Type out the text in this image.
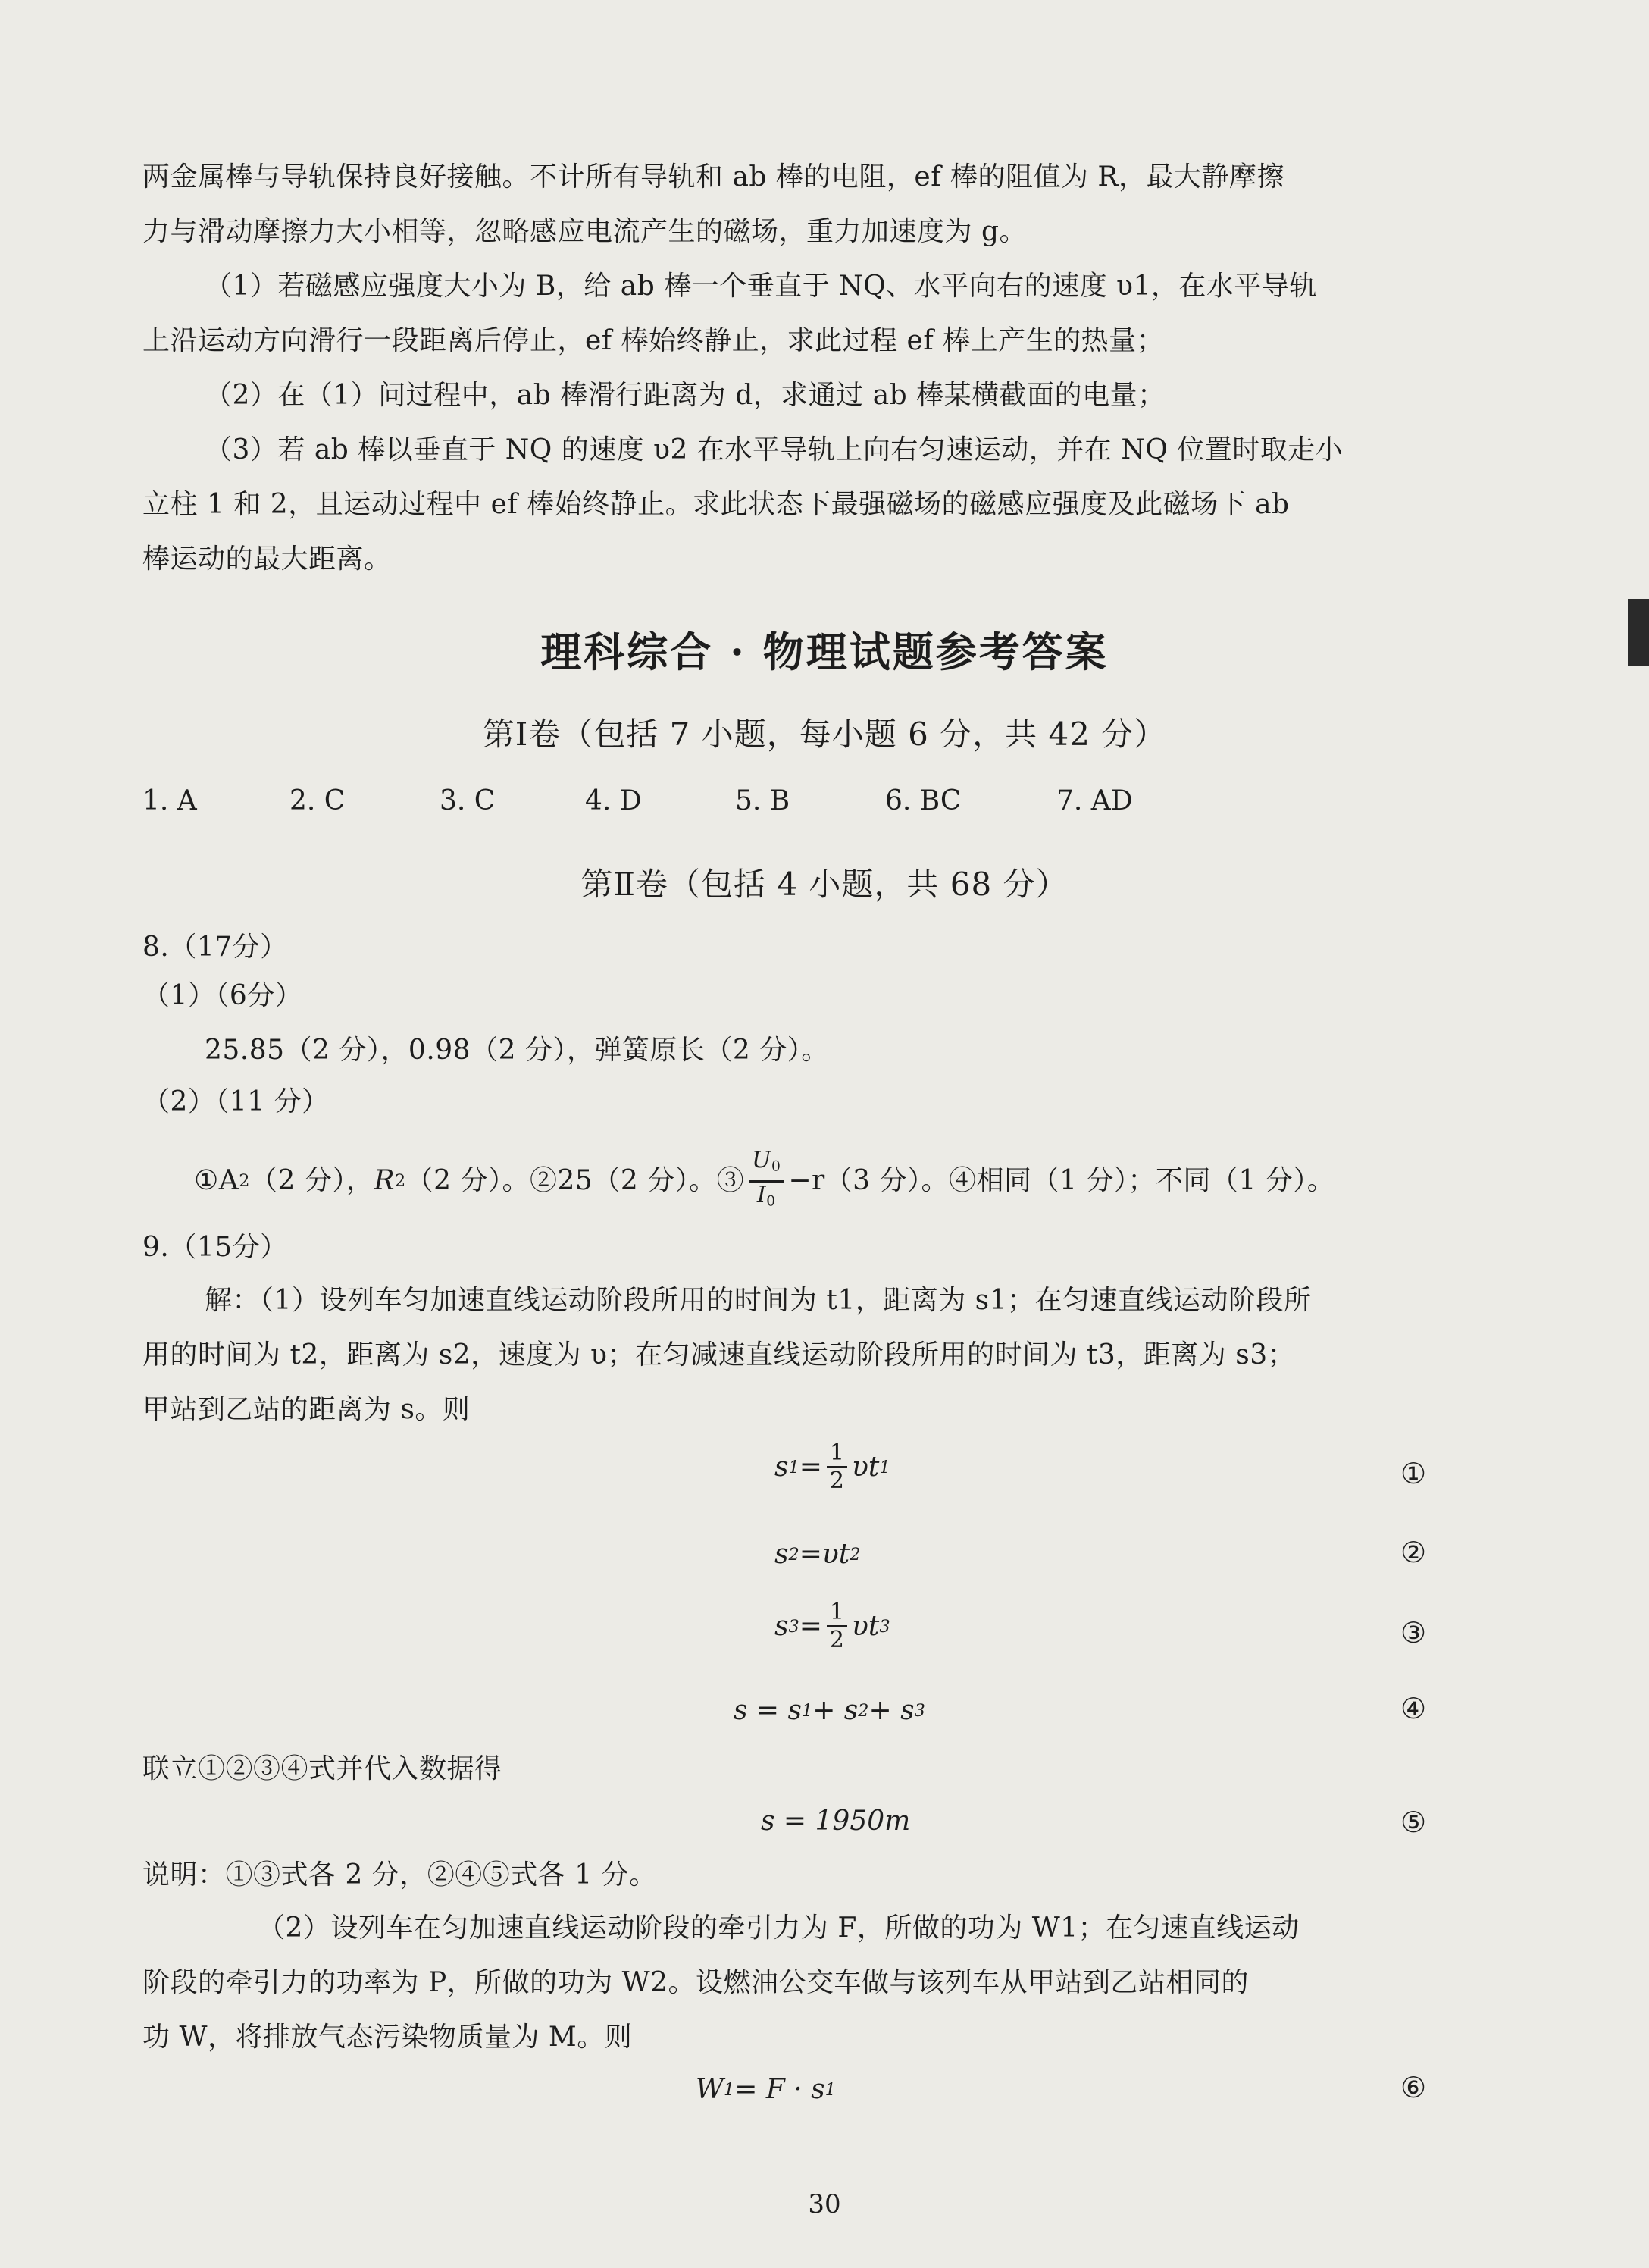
两金属棒与导轨保持良好接触。不计所有导轨和 ab 棒的电阻，ef 棒的阻值为 R，最大静摩擦
力与滑动摩擦力大小相等，忽略感应电流产生的磁场，重力加速度为 g。
（1）若磁感应强度大小为 B，给 ab 棒一个垂直于 NQ、水平向右的速度 υ1，在水平导轨
上沿运动方向滑行一段距离后停止，ef 棒始终静止，求此过程 ef 棒上产生的热量；
（2）在（1）问过程中，ab 棒滑行距离为 d，求通过 ab 棒某横截面的电量；
（3）若 ab 棒以垂直于 NQ 的速度 υ2 在水平导轨上向右匀速运动，并在 NQ 位置时取走小
立柱 1 和 2，且运动过程中 ef 棒始终静止。求此状态下最强磁场的磁感应强度及此磁场下 ab
棒运动的最大距离。
理科综合 · 物理试题参考答案
第Ⅰ卷（包括 7 小题，每小题 6 分，共 42 分）
1. A	2. C	3. C	4. D	5. B	6. BC	7. AD
第Ⅱ卷（包括 4 小题，共 68 分）
8.（17分）
（1）（6分）
25.85（2 分），0.98（2 分），弹簧原长（2 分）。
（2）（11 分）
①A 2 （2 分）， R 2 （2 分）。②25（2 分）。③ $\frac{U_0}{I_0} -r(3$ 分）。④相同（1 分）；不同（1 分）。
9.（15分）
解：（1）设列车匀加速直线运动阶段所用的时间为 t1，距离为 s1；在匀速直线运动阶段所
用的时间为 t2，距离为 s2，速度为 υ；在匀减速直线运动阶段所用的时间为 t3，距离为 s3；
甲站到乙站的距离为 s。则
s $1 = \frac{1}{2}$ υt 1	①
s 2 = υt 2	②
s $3 = \frac{1}{2}$ υt 3	③
s = s 1 + s 2 + s 3	④
联立①②③④式并代入数据得
s = 1950m	⑤
说明：①③式各 2 分，②④⑤式各 1 分。
（2）设列车在匀加速直线运动阶段的牵引力为 F，所做的功为 W1；在匀速直线运动
阶段的牵引力的功率为 P，所做的功为 W2。设燃油公交车做与该列车从甲站到乙站相同的
功 W，将排放气态污染物质量为 M。则
W 1 = F · s 1	⑥
30
